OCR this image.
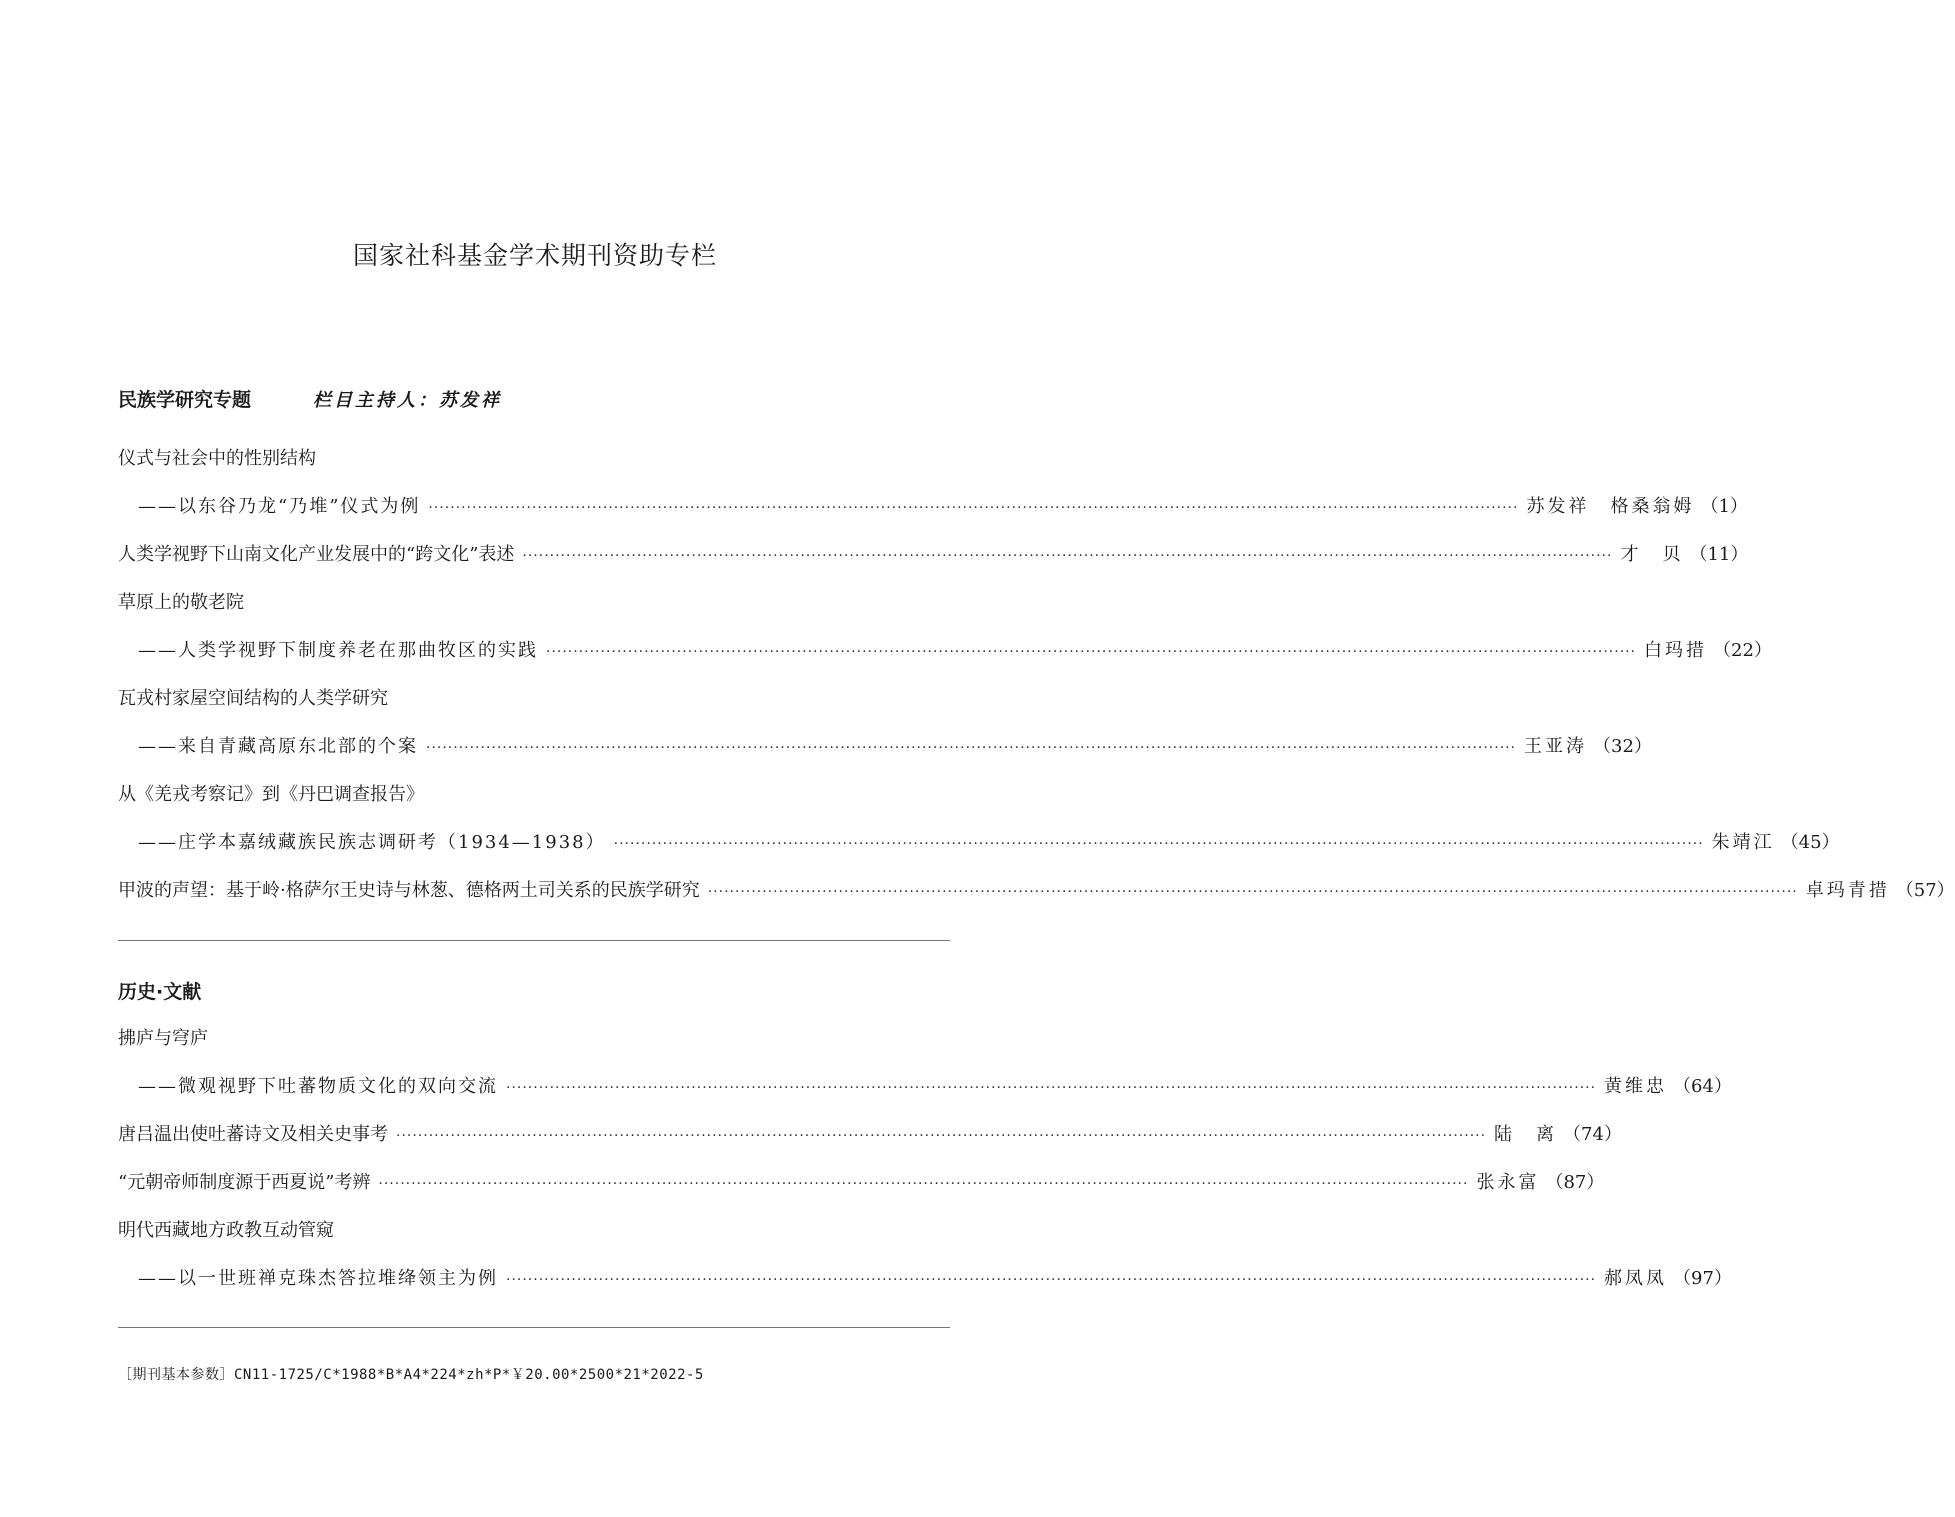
国家社科基金学术期刊资助专栏
民族学研究专题	栏目主持人：苏发祥
仪式与社会中的性别结构
——以东谷乃龙“乃堆”仪式为例 ········································································································································································································ 苏发祥　格桑翁姆 （1）
人类学视野下山南文化产业发展中的“跨文化”表述 ········································································································································································································ 才　贝 （11）
草原上的敬老院
——人类学视野下制度养老在那曲牧区的实践 ········································································································································································································ 白玛措 （22）
瓦戎村家屋空间结构的人类学研究
——来自青藏高原东北部的个案 ········································································································································································································ 王亚涛 （32）
从《羌戎考察记》到《丹巴调查报告》
——庄学本嘉绒藏族民族志调研考（1934—1938） ········································································································································································································ 朱靖江 （45）
甲波的声望：基于岭·格萨尔王史诗与林葱、德格两土司关系的民族学研究 ········································································································································································································ 卓玛青措 （57）
历史·文献
拂庐与穹庐
——微观视野下吐蕃物质文化的双向交流 ········································································································································································································ 黄维忠 （64）
唐吕温出使吐蕃诗文及相关史事考 ········································································································································································································ 陆　离 （74）
“元朝帝师制度源于西夏说”考辨 ········································································································································································································ 张永富 （87）
明代西藏地方政教互动管窥
——以一世班禅克珠杰答拉堆绛领主为例 ········································································································································································································ 郝凤凤 （97）
［期刊基本参数］CN11-1725/C*1988*B*A4*224*zh*P*￥20.00*2500*21*2022-5
